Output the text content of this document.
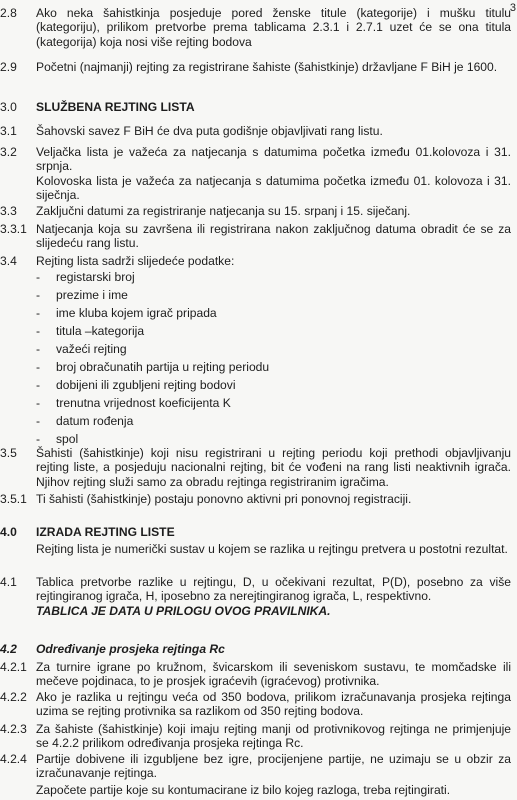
3
2.8 Ako neka šahistkinja posjeduje pored ženske titule (kategorije) i mušku titulu (kategoriju), prilikom pretvorbe prema tablicama 2.3.1 i 2.7.1 uzet će se ona titula (kategorija) koja nosi više rejting bodova
2.9 Početni (najmanji) rejting za registrirane šahiste (šahistkinje) državljane F BiH je 1600.
3.0 SLUŽBENA REJTING LISTA
3.1 Šahovski savez F BiH će dva puta godišnje objavljivati rang listu.
3.2 Veljačka lista je važeća za natjecanja s datumima početka između 01.kolovoza i 31. srpnja.
Kolovoska lista je važeća za natjecanja s datumima početka između 01. kolovoza i 31. siječnja.
3.3 Zaključni datumi za registriranje natjecanja su 15. srpanj i 15. siječanj.
3.3.1 Natjecanja koja su završena ili registrirana nakon zaključnog datuma obradit će se za slijedeću rang listu.
3.4 Rejting lista sadrži slijedeće podatke:
- registarski broj
- prezime i ime
- ime kluba kojem igrač pripada
- titula –kategorija
- važeći rejting
- broj obračunatih partija u rejting periodu
- dobijeni ili zgubljeni rejting bodovi
- trenutna vrijednost koeficijenta K
- datum rođenja
- spol
3.5 Šahisti (šahistkinje) koji nisu registrirani u rejting periodu koji prethodi objavljivanju rejting liste, a posjeduju nacionalni rejting, bit će vođeni na rang listi neaktivnih igrača. Njihov rejting služi samo za obradu rejtinga registriranim igračima.
3.5.1 Ti šahisti (šahistkinje) postaju ponovno aktivni pri ponovnoj registraciji.
4.0 IZRADA REJTING LISTE
Rejting lista je numerički sustav u kojem se razlika u rejtingu pretvera u postotni rezultat.
4.1 Tablica pretvorbe razlike u rejtingu, D, u očekivani rezultat, P(D), posebno za više rejtingiranog igrača, H, iposebno za nerejtingiranog igrača, L, respektivno.
TABLICA JE DATA U PRILOGU OVOG PRAVILNIKA.
4.2 Određivanje prosjeka rejtinga Rc
4.2.1 Za turnire igrane po kružnom, švicarskom ili seveniskom sustavu, te momčadske ili mečeve pojdinaca, to je prosjek igraćevih (igraćevog) protivnika.
4.2.2 Ako je razlika u rejtingu veća od 350 bodova, prilikom izračunavanja prosjeka rejtinga uzima se rejting protivnika sa razlikom od 350 rejting bodova.
4.2.3 Za šahiste (šahistkinje) koji imaju rejting manji od protivnikovog rejtinga ne primjenjuje se 4.2.2 prilikom određivanja prosjeka rejtinga Rc.
4.2.4 Partije dobivene ili izgubljene bez igre, procijenjene partije, ne uzimaju se u obzir za izračunavanje rejtinga.
Započete partije koje su kontumacirane iz bilo kojeg razloga, treba rejtingirati.
